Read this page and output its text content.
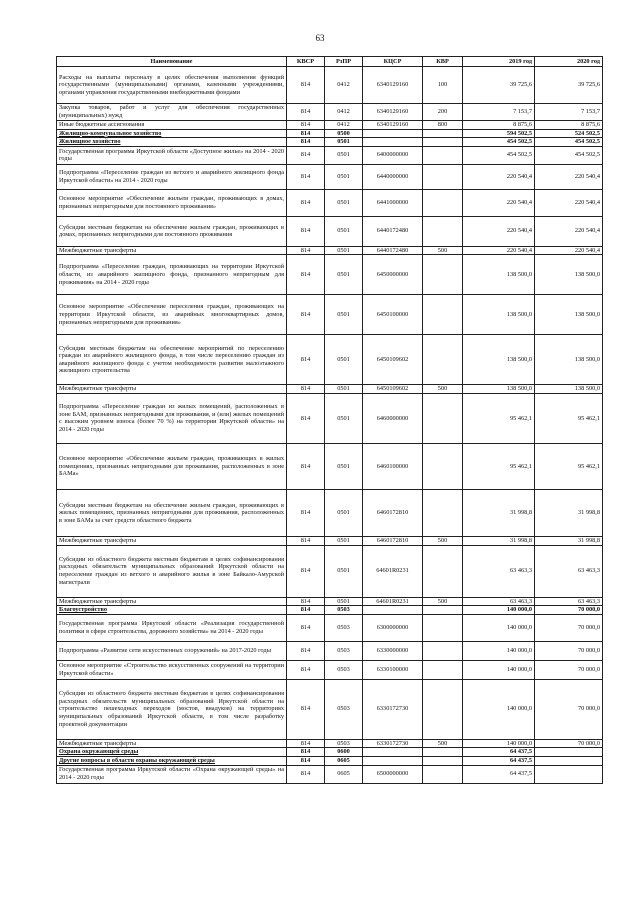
63
Наименование	КВСР	РзПР	КЦСР	КВР	2019 год	2020 год
Расходы на выплаты персоналу в целях обеспечения выполнения функций государственными (муниципальными) органами, казенными учреждениями, органами управления государственными внебюджетными фондами	814	0412	6340129160	100	39 725,6	39 725,6
Закупка товаров, работ и услуг для обеспечения государственных (муниципальных) нужд	814	0412	6340129160	200	7 153,7	7 153,7
Иные бюджетные ассигнования	814	0412	6340129160	800	8 875,6	8 875,6
Жилищно-коммунальное хозяйство	814	0500			594 502,5	524 502,5
Жилищное хозяйство	814	0501			454 502,5	454 502,5
Государственная программа Иркутской области «Доступное жилье» на 2014 - 2020 годы	814	0501	6400000000		454 502,5	454 502,5
Подпрограмма «Переселение граждан из ветхого и аварийного жилищного фонда Иркутской области» на 2014 - 2020 годы	814	0501	6440000000		220 540,4	220 540,4
Основное мероприятие «Обеспечение жильем граждан, проживающих в домах, признанных непригодными для постоянного проживания»	814	0501	6441000000		220 540,4	220 540,4
Субсидии местным бюджетам на обеспечение жильем граждан, проживающих в домах, признанных непригодными для постоянного проживания	814	0501	6440172480		220 540,4	220 540,4
Межбюджетные трансферты	814	0501	6440172480	500	220 540,4	220 540,4
Подпрограмма «Переселение граждан, проживающих на территории Иркутской области, из аварийного жилищного фонда, признанного непригодным для проживания» на 2014 - 2020 годы	814	0501	6450000000		138 500,0	138 500,0
Основное мероприятие «Обеспечение переселения граждан, проживающих на территории Иркутской области, из аварийных многоквартирных домов, признанных непригодными для проживания»	814	0501	6450100000		138 500,0	138 500,0
Субсидии местным бюджетам на обеспечение мероприятий по переселению граждан из аварийного жилищного фонда, в том числе переселению граждан из аварийного жилищного фонда с учетом необходимости развития малоэтажного жилищного строительства	814	0501	6450109602		138 500,0	138 500,0
Межбюджетные трансферты	814	0501	6450109602	500	138 500,0	138 500,0
Подпрограмма «Переселение граждан из жилых помещений, расположенных в зоне БАМ, признанных непригодными для проживания, и (или) жилых помещений с высоким уровнем износа (более 70 %) на территории Иркутской области» на 2014 - 2020 годы	814	0501	6460000000		95 462,1	95 462,1
Основное мероприятие «Обеспечение жильем граждан, проживающих в жилых помещениях, признанных непригодными для проживания, расположенных в зоне БАМа»	814	0501	6460100000		95 462,1	95 462,1
Субсидии местным бюджетам на обеспечение жильем граждан, проживающих в жилых помещениях, признанных непригодными для проживания, расположенных в зоне БАМа за счет средств областного бюджета	814	0501	6460172810		31 998,8	31 998,8
Межбюджетные трансферты	814	0501	6460172810	500	31 998,8	31 998,8
Субсидии из областного бюджета местным бюджетам в целях софинансирования расходных обязательств муниципальных образований Иркутской области на переселение граждан из ветхого и аварийного жилья в зоне Байкало-Амурской магистрали	814	0501	64601R0231		63 463,3	63 463,3
Межбюджетные трансферты	814	0501	64601R0231	500	63 463,3	63 463,3
Благоустройство	814	0503			140 000,0	70 000,0
Государственная программа Иркутской области «Реализация государственной политики в сфере строительства, дорожного хозяйства» на 2014 - 2020 годы	814	0503	6300000000		140 000,0	70 000,0
Подпрограмма «Развитие сети искусственных сооружений» на 2017-2020 годы	814	0503	6330000000		140 000,0	70 000,0
Основное мероприятие «Строительство искусственных сооружений на территории Иркутской области»	814	0503	6330100000		140 000,0	70 000,0
Субсидии из областного бюджета местным бюджетам в целях софинансирования расходных обязательств муниципальных образований Иркутской области на строительство пешеходных переходов (мостов, виадуков) на территориях муниципальных образований Иркутской области, в том числе разработку проектной документации	814	0503	6330172730		140 000,0	70 000,0
Межбюджетные трансферты	814	0503	6330172730	500	140 000,0	70 000,0
Охрана окружающей среды	814	0600			64 437,5	
Другие вопросы в области охраны окружающей среды	814	0605			64 437,5	
Государственная программа Иркутской области «Охрана окружающей среды» на 2014 - 2020 годы	814	0605	6500000000		64 437,5	
